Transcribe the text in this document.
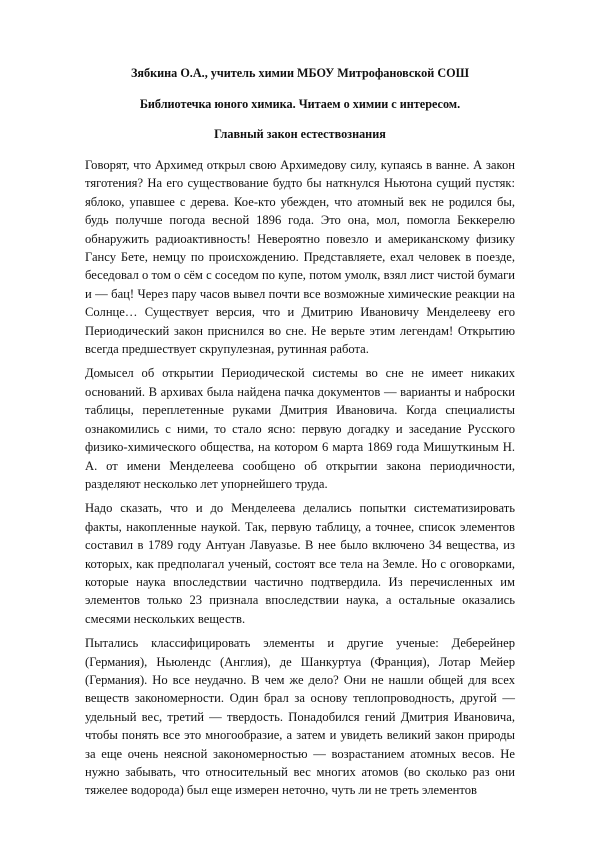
Зябкина О.А., учитель химии МБОУ Митрофановской СОШ

Библиотечка юного химика. Читаем о химии с интересом.

Главный закон естествознания

Говорят, что Архимед открыл свою Архимедову силу, купаясь в ванне. А закон тяготения? На его существование будто бы наткнулся Ньютона сущий пустяк: яблоко, упавшее с дерева. Кое-кто убежден, что атомный век не родился бы, будь получше погода весной 1896 года. Это она, мол, помогла Беккерелю обнаружить радиоактивность! Невероятно повезло и американскому физику Гансу Бете, немцу по происхождению. Представляете, ехал человек в поезде, беседовал о том о сём с соседом по купе, потом умолк, взял лист чистой бумаги и — бац! Через пару часов вывел почти все возможные химические реакции на Солнце… Существует версия, что и Дмитрию Ивановичу Менделееву его Периодический закон приснился во сне. Не верьте этим легендам! Открытию всегда предшествует скрупулезная, рутинная работа.

Домысел об открытии Периодической системы во сне не имеет никаких оснований. В архивах была найдена пачка документов — варианты и наброски таблицы, переплетенные руками Дмитрия Ивановича. Когда специалисты ознакомились с ними, то стало ясно: первую догадку и заседание Русского физико-химического общества, на котором 6 марта 1869 года Мишуткиным Н. А. от имени Менделеева сообщено об открытии закона периодичности, разделяют несколько лет упорнейшего труда.

Надо сказать, что и до Менделеева делались попытки систематизировать факты, накопленные наукой. Так, первую таблицу, а точнее, список элементов составил в 1789 году Антуан Лавуазье. В нее было включено 34 вещества, из которых, как предполагал ученый, состоят все тела на Земле. Но с оговорками, которые наука впоследствии частично подтвердила. Из перечисленных им элементов только 23 признала впоследствии наука, а остальные оказались смесями нескольких веществ.

Пытались классифицировать элементы и другие ученые: Деберейнер (Германия), Ньюлендс (Англия), де Шанкуртуа (Франция), Лотар Мейер (Германия). Но все неудачно. В чем же дело? Они не нашли общей для всех веществ закономерности. Один брал за основу теплопроводность, другой — удельный вес, третий — твердость. Понадобился гений Дмитрия Ивановича, чтобы понять все это многообразие, а затем и увидеть великий закон природы за еще очень неясной закономерностью — возрастанием атомных весов. Не нужно забывать, что относительный вес многих атомов (во сколько раз они тяжелее водорода) был еще измерен неточно, чуть ли не треть элементов
